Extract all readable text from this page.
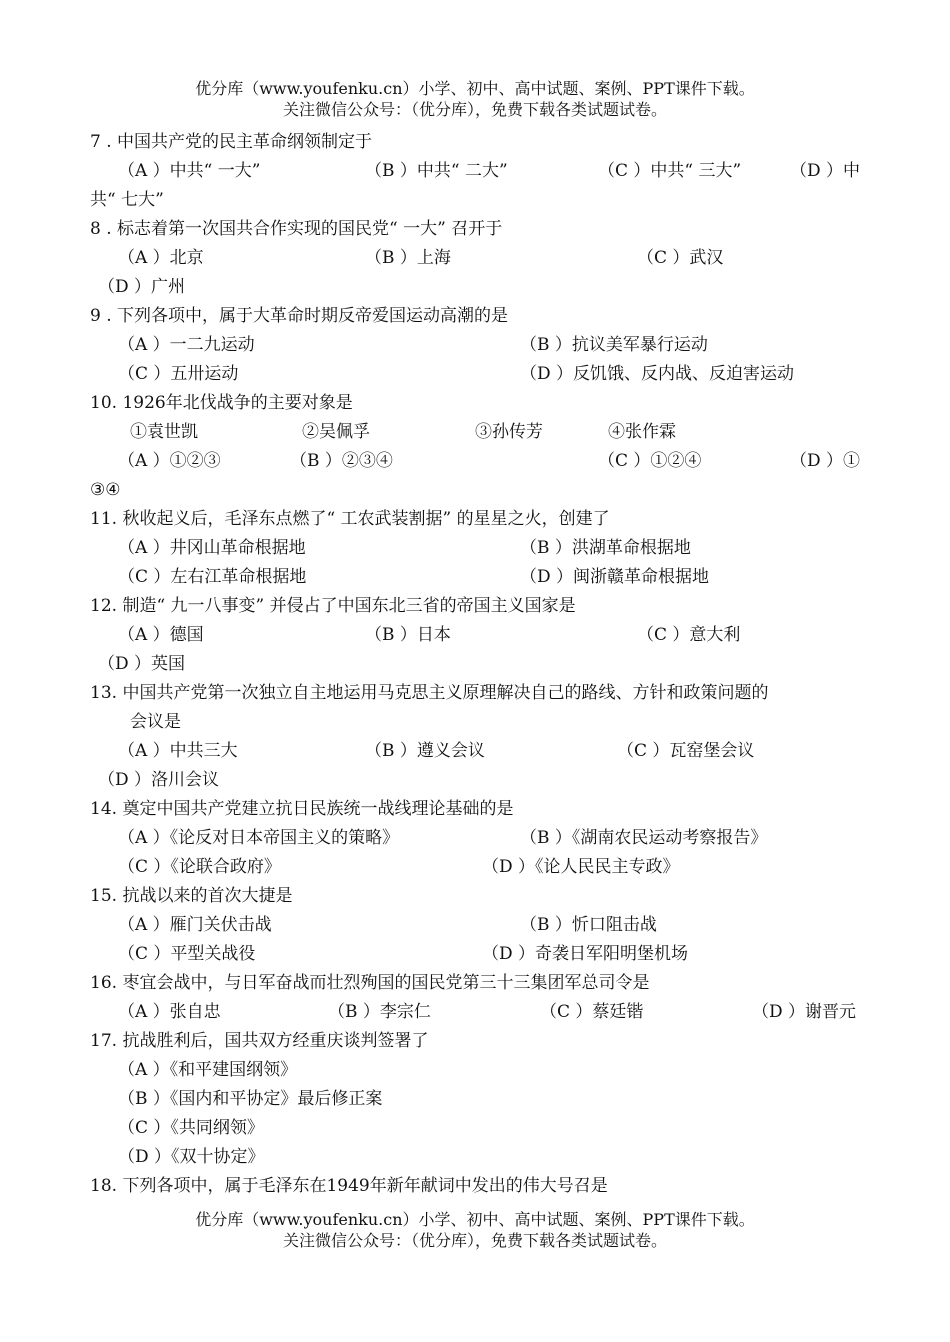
优分库（www.youfenku.cn）小学、初中、高中试题、案例、PPT课件下载。
关注微信公众号：（优分库），免费下载各类试题试卷。
7 . 中国共产党的民主革命纲领制定于
（A ）中共“ 一大”	（B ）中共“ 二大”	（C ）中共“ 三大”	（D ）中
共“ 七大”
8 . 标志着第一次国共合作实现的国民党“ 一大” 召开于
（A ）北京	（B ）上海	（C ）武汉
（D ）广州
9 . 下列各项中，属于大革命时期反帝爱国运动高潮的是
（A ）一二九运动	（B ）抗议美军暴行运动
（C ）五卅运动	（D ）反饥饿、反内战、反迫害运动
10. 1926年北伐战争的主要对象是
①袁世凯	②吴佩孚	③孙传芳	④张作霖
（A ）①②③	（B ）②③④	（C ）①②④	（D ）①
③④
11. 秋收起义后，毛泽东点燃了“ 工农武装割据” 的星星之火，创建了
（A ）井冈山革命根据地	（B ）洪湖革命根据地
（C ）左右江革命根据地	（D ）闽浙赣革命根据地
12. 制造“ 九一八事变” 并侵占了中国东北三省的帝国主义国家是
（A ）德国	（B ）日本	（C ）意大利
（D ）英国
13. 中国共产党第一次独立自主地运用马克思主义原理解决自己的路线、方针和政策问题的
会议是
（A ）中共三大	（B ）遵义会议	（C ）瓦窑堡会议
（D ）洛川会议
14. 奠定中国共产党建立抗日民族统一战线理论基础的是
（A ）《论反对日本帝国主义的策略》	（B ）《湖南农民运动考察报告》
（C ）《论联合政府》	（D ）《论人民民主专政》
15. 抗战以来的首次大捷是
（A ）雁门关伏击战	（B ）忻口阻击战
（C ）平型关战役	（D ）奇袭日军阳明堡机场
16. 枣宜会战中，与日军奋战而壮烈殉国的国民党第三十三集团军总司令是
（A ）张自忠	（B ）李宗仁	（C ）蔡廷锴	（D ）谢晋元
17. 抗战胜利后，国共双方经重庆谈判签署了
（A ）《和平建国纲领》
（B ）《国内和平协定》最后修正案
（C ）《共同纲领》
（D ）《双十协定》
18. 下列各项中，属于毛泽东在1949年新年献词中发出的伟大号召是
优分库（www.youfenku.cn）小学、初中、高中试题、案例、PPT课件下载。
关注微信公众号：（优分库），免费下载各类试题试卷。
